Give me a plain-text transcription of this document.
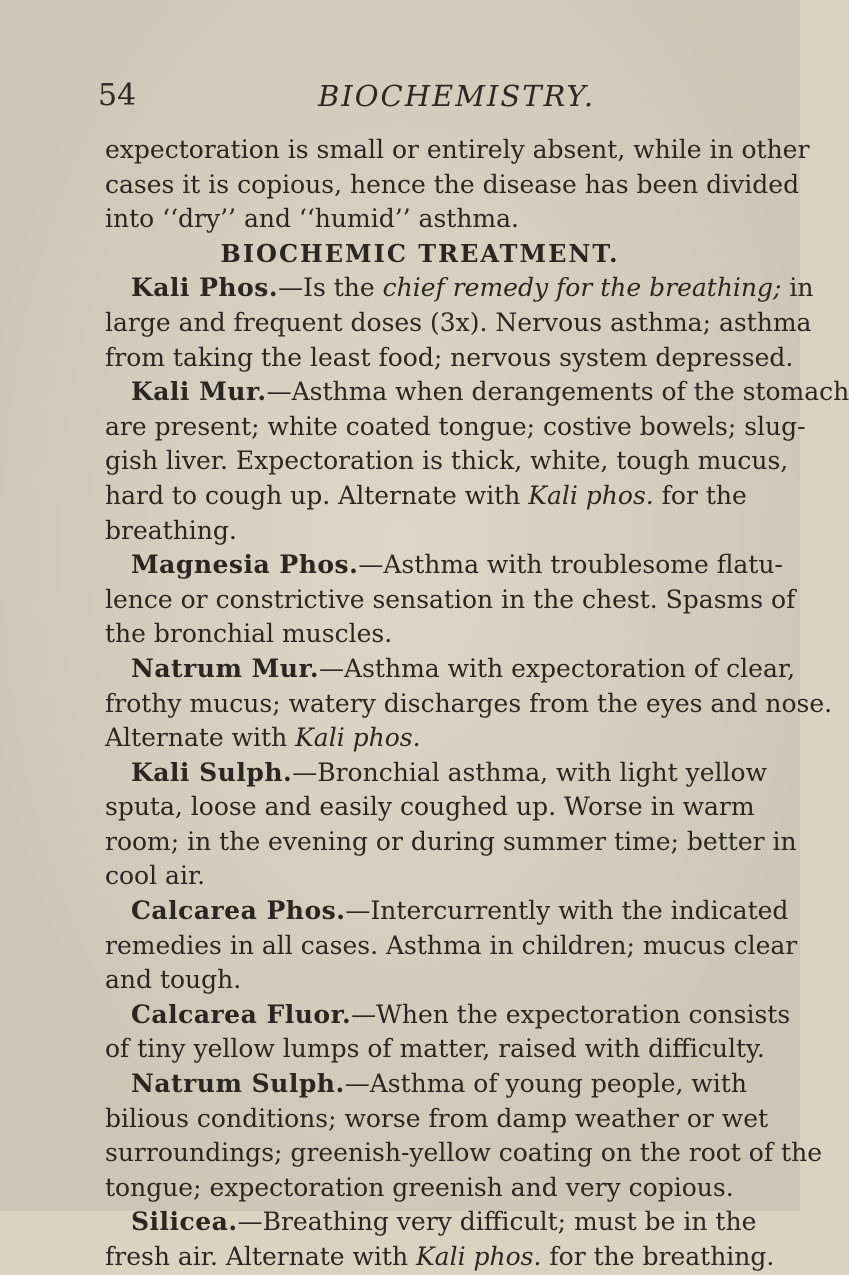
54	BIOCHEMISTRY.
expectoration is small or entirely absent, while in other
cases it is copious, hence the disease has been divided
into ‘‘dry’’ and ‘‘humid’’ asthma.
BIOCHEMIC TREATMENT.
Kali Phos.—Is the chief remedy for the breathing; in
large and frequent doses (3x). Nervous asthma; asthma
from taking the least food; nervous system depressed.
Kali Mur.—Asthma when derangements of the stomach
are present; white coated tongue; costive bowels; slug-
gish liver. Expectoration is thick, white, tough mucus,
hard to cough up. Alternate with Kali phos. for the
breathing.
Magnesia Phos.—Asthma with troublesome flatu-
lence or constrictive sensation in the chest. Spasms of
the bronchial muscles.
Natrum Mur.—Asthma with expectoration of clear,
frothy mucus; watery discharges from the eyes and nose.
Alternate with Kali phos.
Kali Sulph.—Bronchial asthma, with light yellow
sputa, loose and easily coughed up. Worse in warm
room; in the evening or during summer time; better in
cool air.
Calcarea Phos.—Intercurrently with the indicated
remedies in all cases. Asthma in children; mucus clear
and tough.
Calcarea Fluor.—When the expectoration consists
of tiny yellow lumps of matter, raised with difficulty.
Natrum Sulph.—Asthma of young people, with
bilious conditions; worse from damp weather or wet
surroundings; greenish-yellow coating on the root of the
tongue; expectoration greenish and very copious.
Silicea.—Breathing very difficult; must be in the
fresh air. Alternate with Kali phos. for the breathing.
